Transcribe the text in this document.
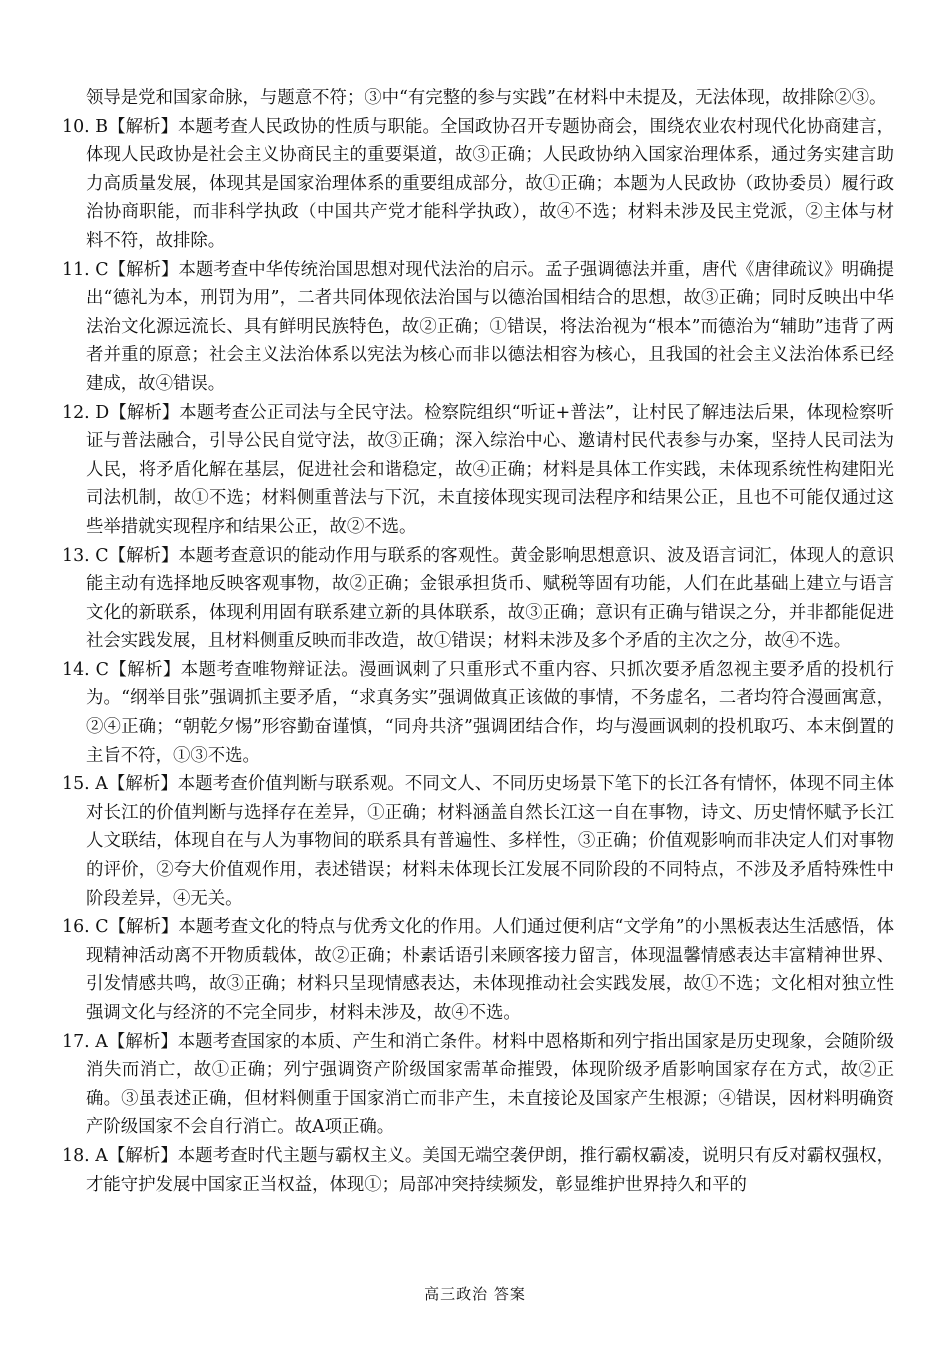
领导是党和国家命脉，与题意不符；③中“有完整的参与实践”在材料中未提及，无法体现，故排除②③。

10. B【解析】本题考查人民政协的性质与职能。全国政协召开专题协商会，围绕农业农村现代化协商建言，体现人民政协是社会主义协商民主的重要渠道，故③正确；人民政协纳入国家治理体系，通过务实建言助力高质量发展，体现其是国家治理体系的重要组成部分，故①正确；本题为人民政协（政协委员）履行政治协商职能，而非科学执政（中国共产党才能科学执政），故④不选；材料未涉及民主党派，②主体与材料不符，故排除。

11. C【解析】本题考查中华传统治国思想对现代法治的启示。孟子强调德法并重，唐代《唐律疏议》明确提出“德礼为本，刑罚为用”，二者共同体现依法治国与以德治国相结合的思想，故③正确；同时反映出中华法治文化源远流长、具有鲜明民族特色，故②正确；①错误，将法治视为“根本”而德治为“辅助”违背了两者并重的原意；社会主义法治体系以宪法为核心而非以德法相容为核心，且我国的社会主义法治体系已经建成，故④错误。

12. D【解析】本题考查公正司法与全民守法。检察院组织“听证+普法”，让村民了解违法后果，体现检察听证与普法融合，引导公民自觉守法，故③正确；深入综治中心、邀请村民代表参与办案，坚持人民司法为人民，将矛盾化解在基层，促进社会和谐稳定，故④正确；材料是具体工作实践，未体现系统性构建阳光司法机制，故①不选；材料侧重普法与下沉，未直接体现实现司法程序和结果公正，且也不可能仅通过这些举措就实现程序和结果公正，故②不选。

13. C【解析】本题考查意识的能动作用与联系的客观性。黄金影响思想意识、波及语言词汇，体现人的意识能主动有选择地反映客观事物，故②正确；金银承担货币、赋税等固有功能，人们在此基础上建立与语言文化的新联系，体现利用固有联系建立新的具体联系，故③正确；意识有正确与错误之分，并非都能促进社会实践发展，且材料侧重反映而非改造，故①错误；材料未涉及多个矛盾的主次之分，故④不选。

14. C【解析】本题考查唯物辩证法。漫画讽刺了只重形式不重内容、只抓次要矛盾忽视主要矛盾的投机行为。“纲举目张”强调抓主要矛盾，“求真务实”强调做真正该做的事情，不务虚名，二者均符合漫画寓意，②④正确；“朝乾夕惕”形容勤奋谨慎，“同舟共济”强调团结合作，均与漫画讽刺的投机取巧、本末倒置的主旨不符，①③不选。

15. A【解析】本题考查价值判断与联系观。不同文人、不同历史场景下笔下的长江各有情怀，体现不同主体对长江的价值判断与选择存在差异，①正确；材料涵盖自然长江这一自在事物，诗文、历史情怀赋予长江人文联结，体现自在与人为事物间的联系具有普遍性、多样性，③正确；价值观影响而非决定人们对事物的评价，②夸大价值观作用，表述错误；材料未体现长江发展不同阶段的不同特点，不涉及矛盾特殊性中阶段差异，④无关。

16. C【解析】本题考查文化的特点与优秀文化的作用。人们通过便利店“文学角”的小黑板表达生活感悟，体现精神活动离不开物质载体，故②正确；朴素话语引来顾客接力留言，体现温馨情感表达丰富精神世界、引发情感共鸣，故③正确；材料只呈现情感表达，未体现推动社会实践发展，故①不选；文化相对独立性强调文化与经济的不完全同步，材料未涉及，故④不选。

17. A【解析】本题考查国家的本质、产生和消亡条件。材料中恩格斯和列宁指出国家是历史现象，会随阶级消失而消亡，故①正确；列宁强调资产阶级国家需革命摧毁，体现阶级矛盾影响国家存在方式，故②正确。③虽表述正确，但材料侧重于国家消亡而非产生，未直接论及国家产生根源；④错误，因材料明确资产阶级国家不会自行消亡。故A项正确。

18. A【解析】本题考查时代主题与霸权主义。美国无端空袭伊朗，推行霸权霸凌，说明只有反对霸权强权，才能守护发展中国家正当权益，体现①；局部冲突持续频发，彰显维护世界持久和平的

高三政治 答案
